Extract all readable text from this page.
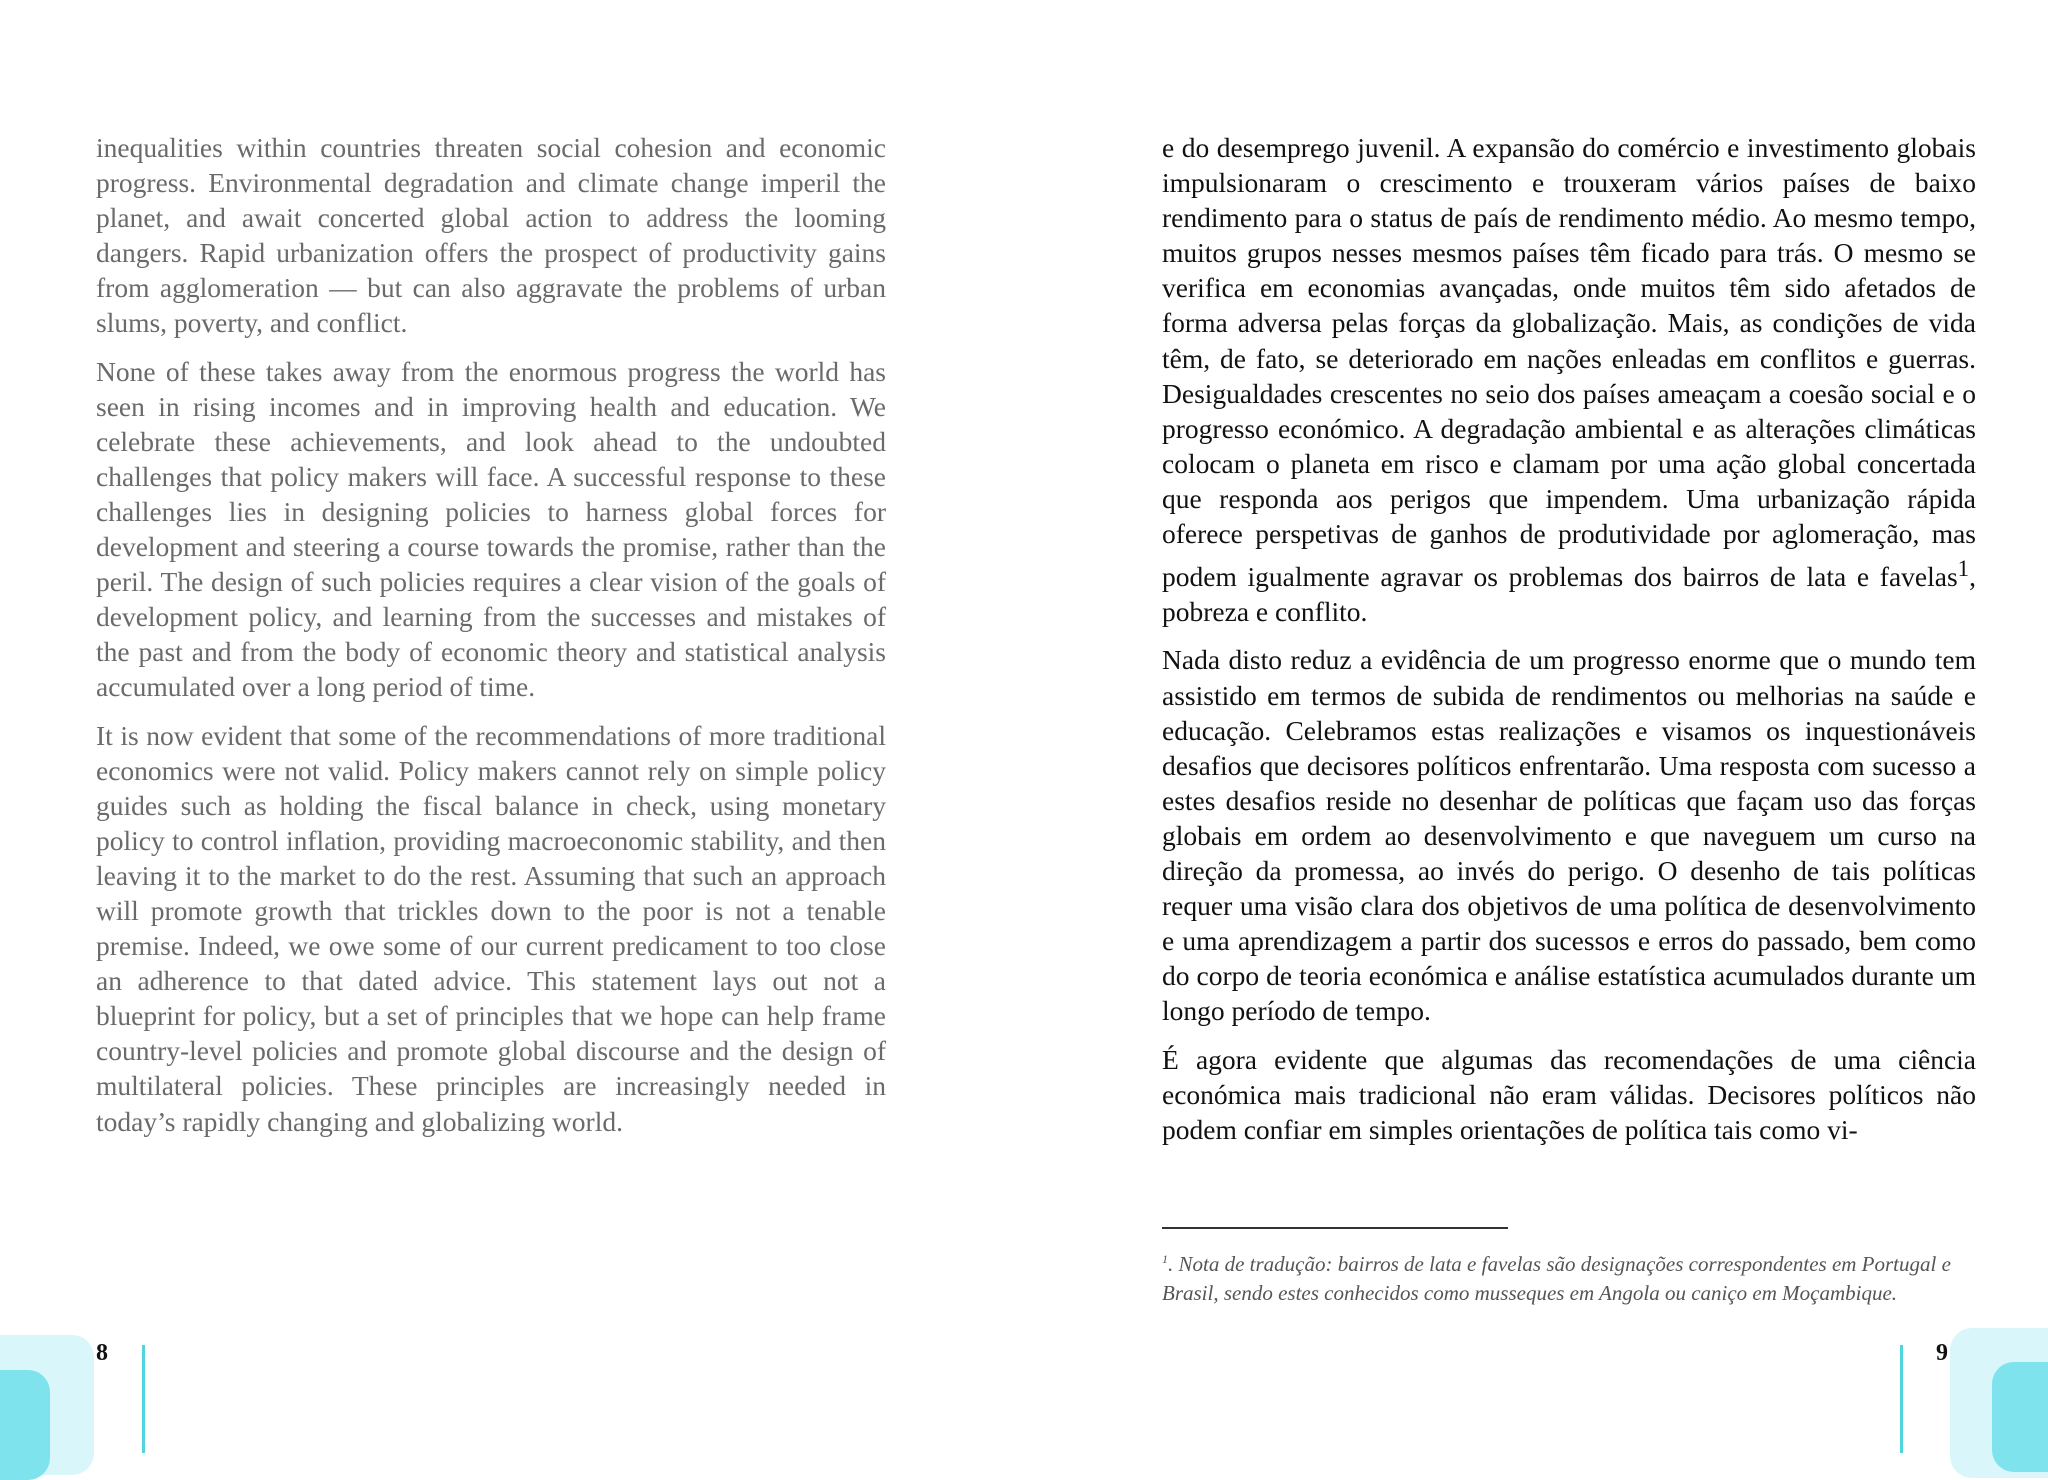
inequalities within countries threaten social cohesion and economic progress. Environmental degradation and climate change imperil the planet, and await concerted global action to address the looming dangers. Rapid urbanization offers the prospect of productivity gains from agglomeration — but can also aggravate the problems of urban slums, poverty, and conflict.

None of these takes away from the enormous progress the world has seen in rising incomes and in improving health and education. We celebrate these achievements, and look ahead to the undoubted challenges that policy makers will face. A successful response to these challenges lies in designing policies to harness global forces for development and steering a course towards the promise, rather than the peril. The design of such policies requires a clear vision of the goals of development policy, and learning from the successes and mistakes of the past and from the body of economic theory and statistical analysis accumulated over a long period of time.

It is now evident that some of the recommendations of more traditional economics were not valid. Policy makers cannot rely on simple policy guides such as holding the fiscal balance in check, using monetary policy to control inflation, providing macroeconomic stability, and then leaving it to the market to do the rest. Assuming that such an approach will promote growth that trickles down to the poor is not a tenable premise. Indeed, we owe some of our current predicament to too close an adherence to that dated advice. This statement lays out not a blueprint for policy, but a set of principles that we hope can help frame country-level policies and promote global discourse and the design of multilateral policies. These principles are increasingly needed in today’s rapidly changing and globalizing world.

8

e do desemprego juvenil. A expansão do comércio e investimento globais impulsionaram o crescimento e trouxeram vários países de baixo rendimento para o status de país de rendimento médio. Ao mesmo tempo, muitos grupos nesses mesmos países têm ficado para trás. O mesmo se verifica em economias avançadas, onde muitos têm sido afetados de forma adversa pelas forças da globalização. Mais, as condições de vida têm, de fato, se deteriorado em nações enleadas em conflitos e guerras. Desigualdades crescentes no seio dos países ameaçam a coesão social e o progresso económico. A degradação ambiental e as alterações climáticas colocam o planeta em risco e clamam por uma ação global concertada que responda aos perigos que impendem. Uma urbanização rápida oferece perspetivas de ganhos de produtividade por aglomeração, mas podem igualmente agravar os problemas dos bairros de lata e favelas$^1$, pobreza e conflito.

Nada disto reduz a evidência de um progresso enorme que o mundo tem assistido em termos de subida de rendimentos ou melhorias na saúde e educação. Celebramos estas realizações e visamos os inquestionáveis desafios que decisores políticos enfrentarão. Uma resposta com sucesso a estes desafios reside no desenhar de políticas que façam uso das forças globais em ordem ao desenvolvimento e que naveguem um curso na direção da promessa, ao invés do perigo. O desenho de tais políticas requer uma visão clara dos objetivos de uma política de desenvolvimento e uma aprendizagem a partir dos sucessos e erros do passado, bem como do corpo de teoria económica e análise estatística acumulados durante um longo período de tempo.

É agora evidente que algumas das recomendações de uma ciência económica mais tradicional não eram válidas. Decisores políticos não podem confiar em simples orientações de política tais como vi-

$^1$. Nota de tradução: bairros de lata e favelas são designações correspondentes em Portugal e Brasil, sendo estes conhecidos como musseques em Angola ou caniço em Moçambique.
9
